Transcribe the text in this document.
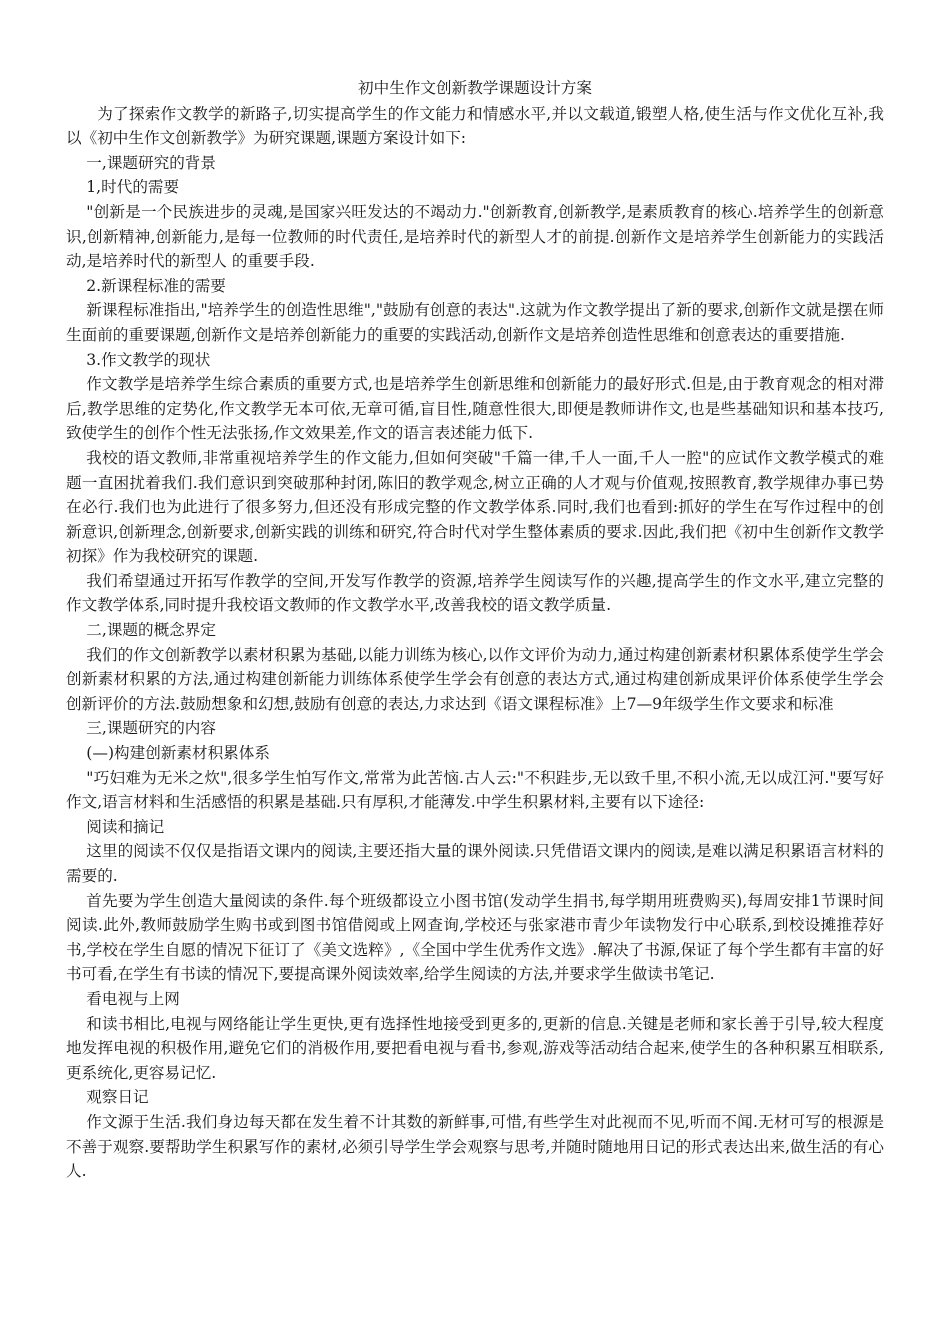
初中生作文创新教学课题设计方案

为了探索作文教学的新路子,切实提高学生的作文能力和情感水平,并以文载道,锻塑人格,使生活与作文优化互补,我以《初中生作文创新教学》为研究课题,课题方案设计如下:

一,课题研究的背景

1,时代的需要

"创新是一个民族进步的灵魂,是国家兴旺发达的不竭动力."创新教育,创新教学,是素质教育的核心.培养学生的创新意识,创新精神,创新能力,是每一位教师的时代责任,是培养时代的新型人才的前提.创新作文是培养学生创新能力的实践活动,是培养时代的新型人 的重要手段.

2.新课程标准的需要

新课程标准指出,"培养学生的创造性思维","鼓励有创意的表达".这就为作文教学提出了新的要求,创新作文就是摆在师生面前的重要课题,创新作文是培养创新能力的重要的实践活动,创新作文是培养创造性思维和创意表达的重要措施.

3.作文教学的现状

作文教学是培养学生综合素质的重要方式,也是培养学生创新思维和创新能力的最好形式.但是,由于教育观念的相对滞后,教学思维的定势化,作文教学无本可依,无章可循,盲目性,随意性很大,即便是教师讲作文,也是些基础知识和基本技巧,致使学生的创作个性无法张扬,作文效果差,作文的语言表述能力低下.

我校的语文教师,非常重视培养学生的作文能力,但如何突破"千篇一律,千人一面,千人一腔"的应试作文教学模式的难题一直困扰着我们.我们意识到突破那种封闭,陈旧的教学观念,树立正确的人才观与价值观,按照教育,教学规律办事已势在必行.我们也为此进行了很多努力,但还没有形成完整的作文教学体系.同时,我们也看到:抓好的学生在写作过程中的创新意识,创新理念,创新要求,创新实践的训练和研究,符合时代对学生整体素质的要求.因此,我们把《初中生创新作文教学初探》作为我校研究的课题.

我们希望通过开拓写作教学的空间,开发写作教学的资源,培养学生阅读写作的兴趣,提高学生的作文水平,建立完整的作文教学体系,同时提升我校语文教师的作文教学水平,改善我校的语文教学质量.

二,课题的概念界定

我们的作文创新教学以素材积累为基础,以能力训练为核心,以作文评价为动力,通过构建创新素材积累体系使学生学会创新素材积累的方法,通过构建创新能力训练体系使学生学会有创意的表达方式,通过构建创新成果评价体系使学生学会创新评价的方法.鼓励想象和幻想,鼓励有创意的表达,力求达到《语文课程标准》上7—9年级学生作文要求和标准

三,课题研究的内容

(—)构建创新素材积累体系

"巧妇难为无米之炊",很多学生怕写作文,常常为此苦恼.古人云:"不积跬步,无以致千里,不积小流,无以成江河."要写好作文,语言材料和生活感悟的积累是基础.只有厚积,才能薄发.中学生积累材料,主要有以下途径:

阅读和摘记

这里的阅读不仅仅是指语文课内的阅读,主要还指大量的课外阅读.只凭借语文课内的阅读,是难以满足积累语言材料的需要的.

首先要为学生创造大量阅读的条件.每个班级都设立小图书馆(发动学生捐书,每学期用班费购买),每周安排1节课时间阅读.此外,教师鼓励学生购书或到图书馆借阅或上网查询,学校还与张家港市青少年读物发行中心联系,到校设摊推荐好书,学校在学生自愿的情况下征订了《美文选粹》,《全国中学生优秀作文选》.解决了书源,保证了每个学生都有丰富的好书可看,在学生有书读的情况下,要提高课外阅读效率,给学生阅读的方法,并要求学生做读书笔记.

看电视与上网

和读书相比,电视与网络能让学生更快,更有选择性地接受到更多的,更新的信息.关键是老师和家长善于引导,较大程度地发挥电视的积极作用,避免它们的消极作用,要把看电视与看书,参观,游戏等活动结合起来,使学生的各种积累互相联系,更系统化,更容易记忆.

观察日记

作文源于生活.我们身边每天都在发生着不计其数的新鲜事,可惜,有些学生对此视而不见,听而不闻.无材可写的根源是不善于观察.要帮助学生积累写作的素材,必须引导学生学会观察与思考,并随时随地用日记的形式表达出来,做生活的有心人.
